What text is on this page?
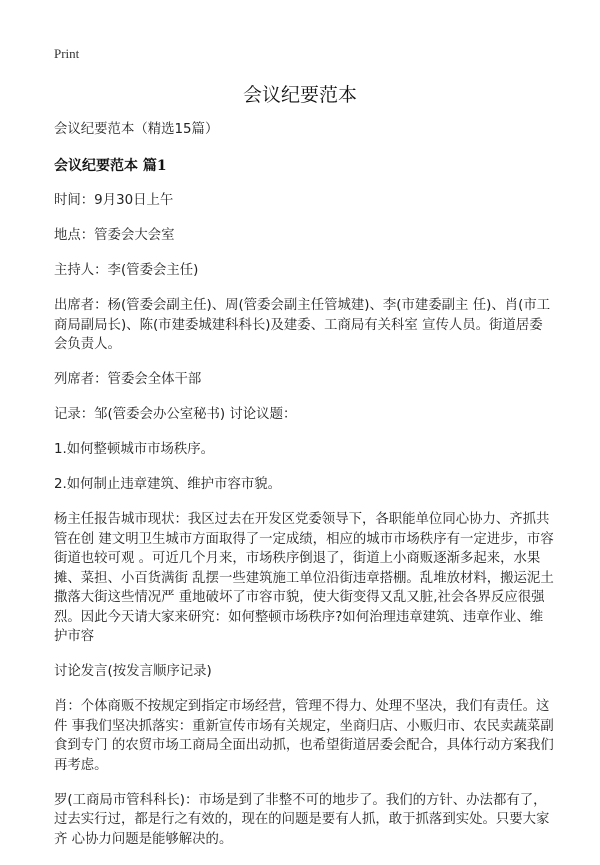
Print
会议纪要范本

会议纪要范本（精选15篇）

会议纪要范本 篇1

时间：9月30日上午

地点：管委会大会室

主持人：李(管委会主任)

出席者：杨(管委会副主任)、周(管委会副主任管城建)、李(市建委副主 任)、肖(市工商局副局长)、陈(市建委城建科科长)及建委、工商局有关科室 宣传人员。街道居委会负责人。

列席者：管委会全体干部

记录：邹(管委会办公室秘书) 讨论议题：

1.如何整顿城市市场秩序。

2.如何制止违章建筑、维护市容市貌。

杨主任报告城市现状：我区过去在开发区党委领导下，各职能单位同心协力、齐抓共管在创 建文明卫生城市方面取得了一定成绩，相应的城市市场秩序有一定进步，市容街道也较可观 。可近几个月来，市场秩序倒退了，街道上小商贩逐渐多起来，水果摊、菜担、小百货满街 乱摆一些建筑施工单位沿街违章搭棚。乱堆放材料，搬运泥土撒落大街这些情况严 重地破坏了市容市貌，使大街变得又乱又脏,社会各界反应很强烈。因此今天请大家来研究：如何整顿市场秩序?如何治理违章建筑、违章作业、维护市容

讨论发言(按发言顺序记录)

肖：个体商贩不按规定到指定市场经营，管理不得力、处理不坚决，我们有责任。这件 事我们坚决抓落实：重新宣传市场有关规定，坐商归店、小贩归市、农民卖蔬菜副食到专门 的农贸市场工商局全面出动抓，也希望街道居委会配合，具体行动方案我们再考虑。

罗(工商局市管科科长)：市场是到了非整不可的地步了。我们的方针、办法都有了，过去实行过，都是行之有效的，现在的问题是要有人抓，敢于抓落到实处。只要大家齐 心协力问题是能够解决的。
